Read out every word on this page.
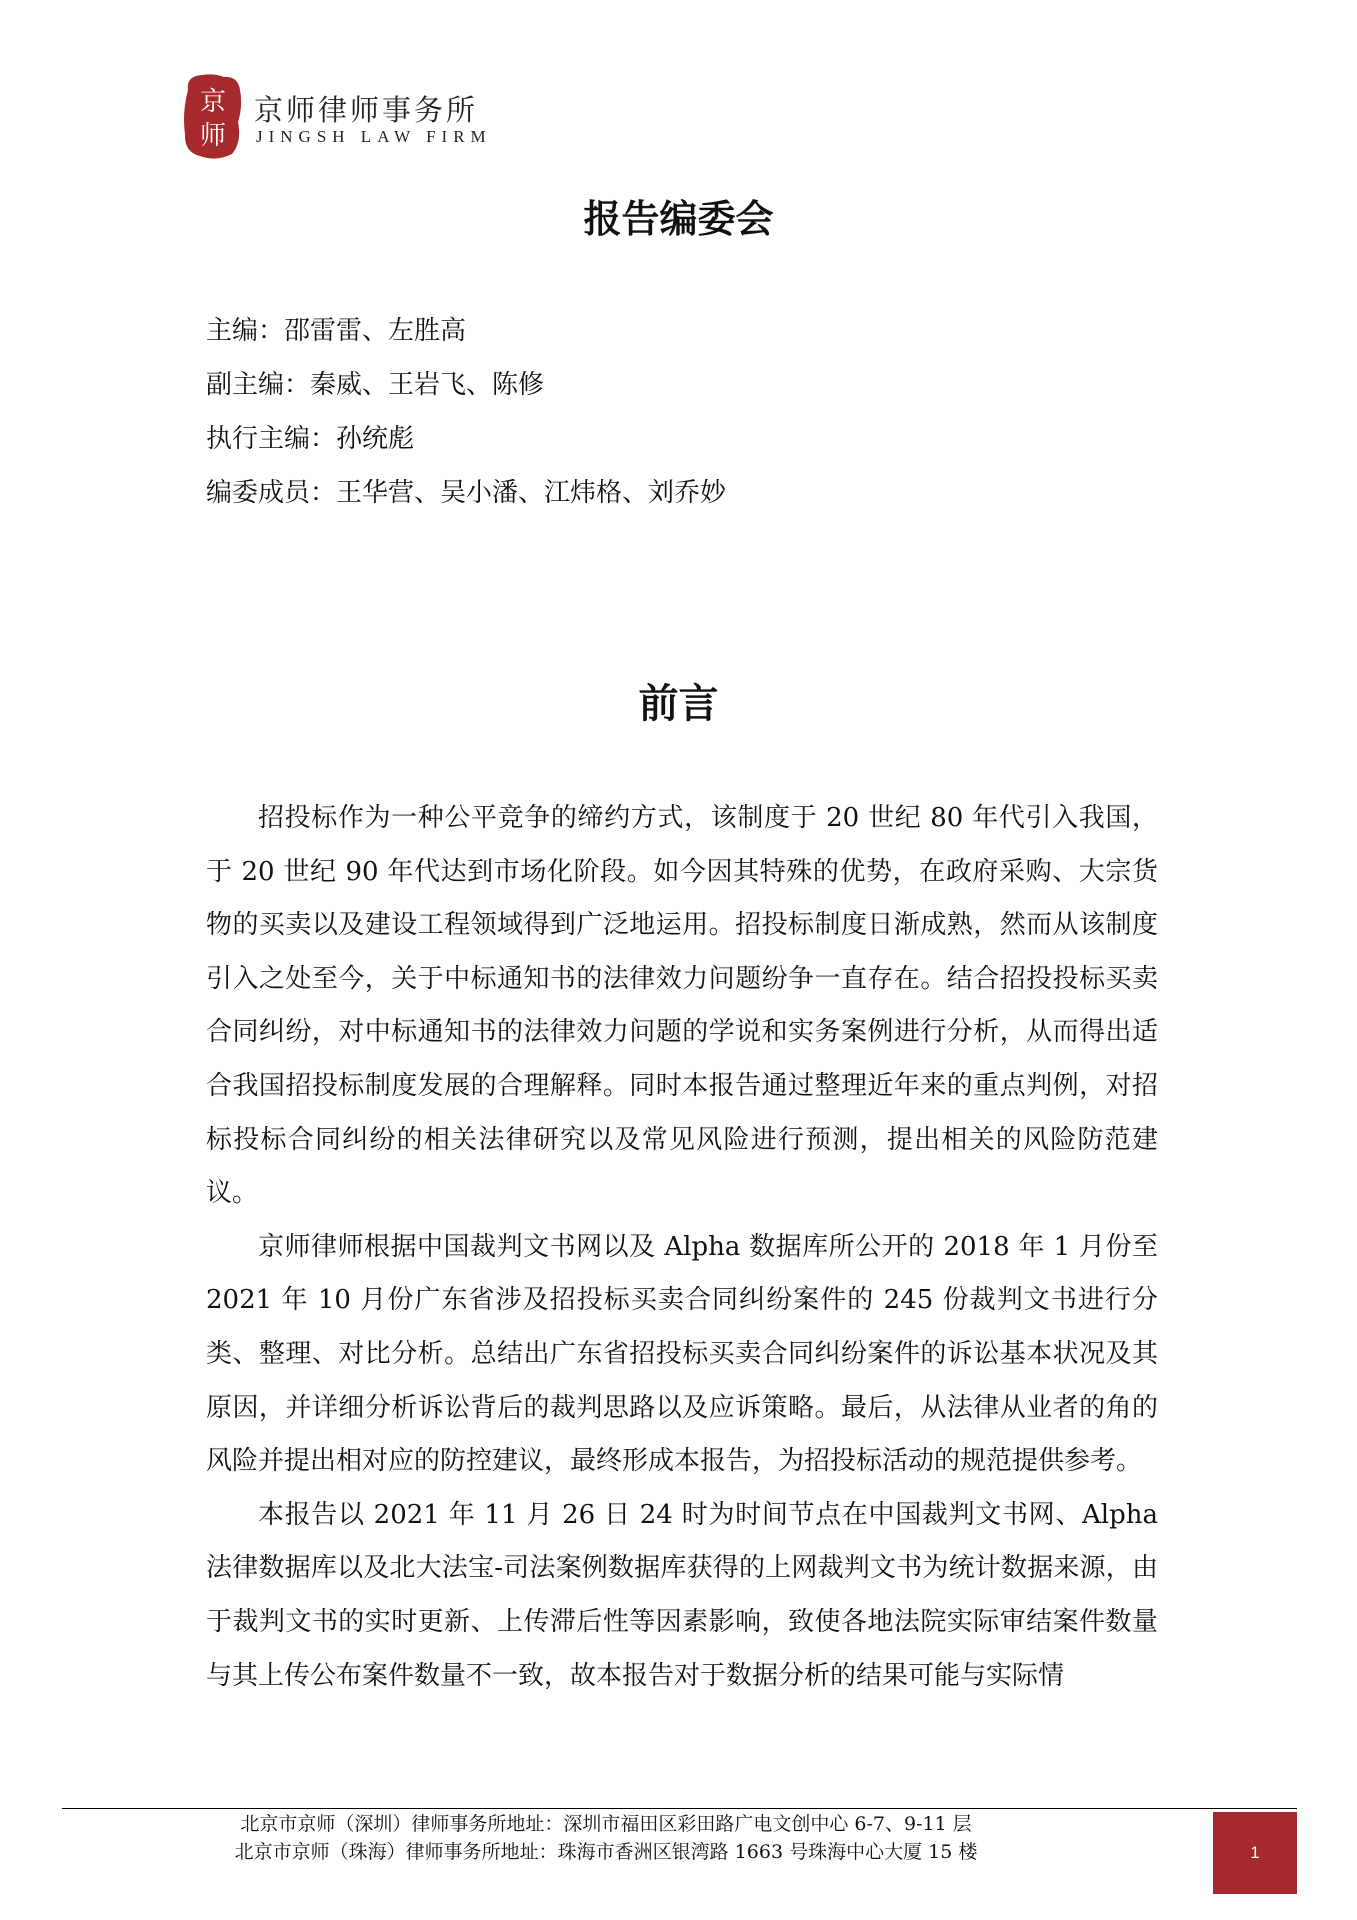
京
师
京师律师事务所
JINGSH LAW FIRM
报告编委会
主编：邵雷雷、左胜高
副主编：秦威、王岩飞、陈修
执行主编：孙统彪
编委成员：王华营、吴小潘、江炜格、刘乔妙
前言

招投标作为一种公平竞争的缔约方式，该制度于 20 世纪 80 年代引入我国，于 20 世纪 90 年代达到市场化阶段。如今因其特殊的优势，在政府采购、大宗货物的买卖以及建设工程领域得到广泛地运用。招投标制度日渐成熟，然而从该制度引入之处至今，关于中标通知书的法律效力问题纷争一直存在。结合招投投标买卖合同纠纷，对中标通知书的法律效力问题的学说和实务案例进行分析，从而得出适合我国招投标制度发展的合理解释。同时本报告通过整理近年来的重点判例，对招标投标合同纠纷的相关法律研究以及常见风险进行预测，提出相关的风险防范建议。

京师律师根据中国裁判文书网以及 Alpha 数据库所公开的 2018 年 1 月份至 2021 年 10 月份广东省涉及招投标买卖合同纠纷案件的 245 份裁判文书进行分类、整理、对比分析。总结出广东省招投标买卖合同纠纷案件的诉讼基本状况及其原因，并详细分析诉讼背后的裁判思路以及应诉策略。最后，从法律从业者的角的风险并提出相对应的防控建议，最终形成本报告，为招投标活动的规范提供参考。

本报告以 2021 年 11 月 26 日 24 时为时间节点在中国裁判文书网、Alpha 法律数据库以及北大法宝-司法案例数据库获得的上网裁判文书为统计数据来源，由于裁判文书的实时更新、上传滞后性等因素影响，致使各地法院实际审结案件数量与其上传公布案件数量不一致，故本报告对于数据分析的结果可能与实际情

北京市京师（深圳）律师事务所地址：深圳市福田区彩田路广电文创中心 6-7、9-11 层
北京市京师（珠海）律师事务所地址：珠海市香洲区银湾路 1663 号珠海中心大厦 15 楼	1
